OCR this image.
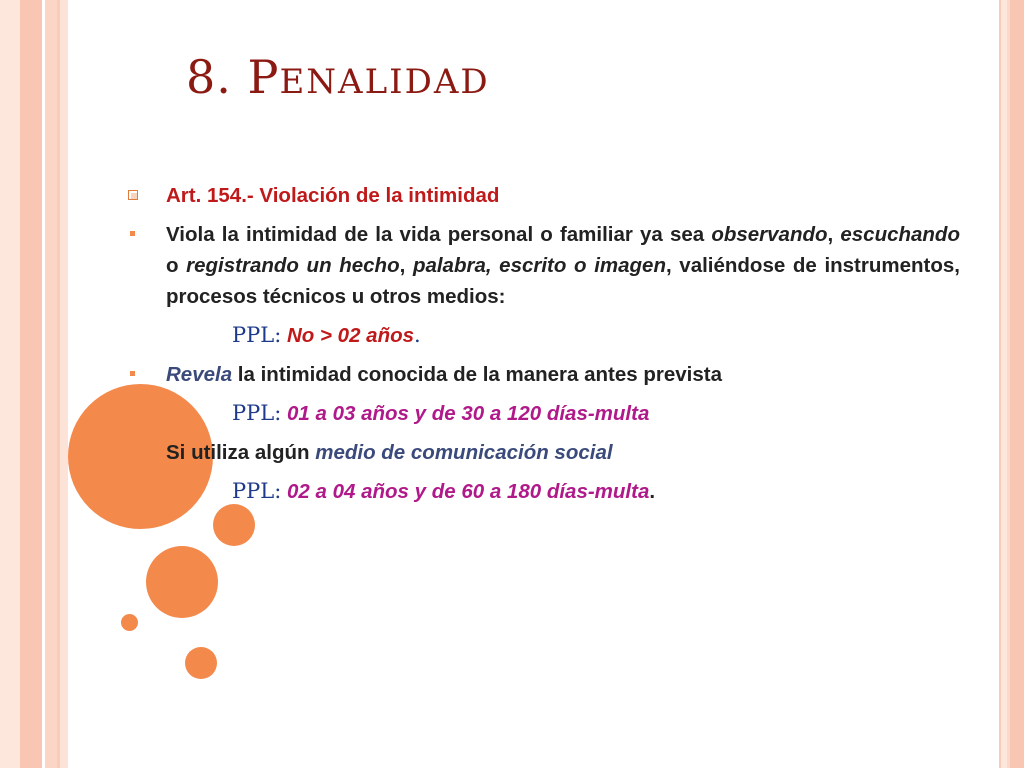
8. PENALIDAD
Art. 154.- Violación de la intimidad
Viola la intimidad de la vida personal o familiar ya sea observando, escuchando o registrando un hecho, palabra, escrito o imagen, valiéndose de instrumentos, procesos técnicos u otros medios:
PPL: No > 02 años.
Revela la intimidad conocida de la manera antes prevista
PPL: 01 a 03 años y de 30 a 120 días-multa
Si utiliza algún medio de comunicación social
PPL: 02 a 04 años y de 60 a 180 días-multa.
